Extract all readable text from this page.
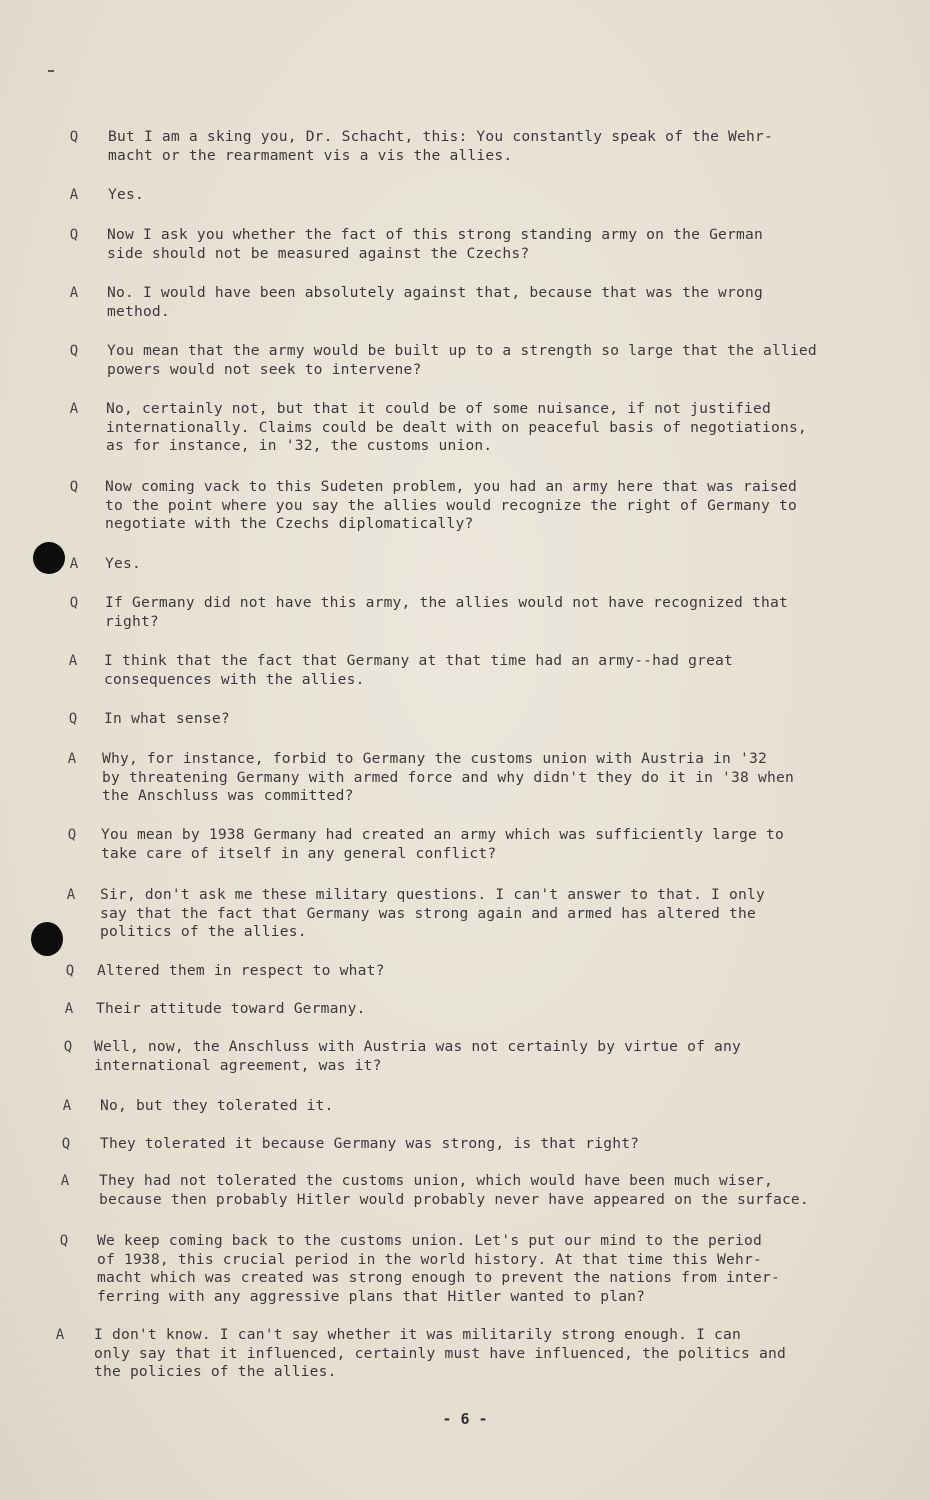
Q	But I am a sking you, Dr. Schacht, this: You constantly speak of the Wehr-
macht or the rearmament vis a vis the allies.
A	Yes.
Q	Now I ask you whether the fact of this strong standing army on the German
side should not be measured against the Czechs?
A	No. I would have been absolutely against that, because that was the wrong
method.
Q	You mean that the army would be built up to a strength so large that the allied
powers would not seek to intervene?
A	No, certainly not, but that it could be of some nuisance, if not justified
internationally. Claims could be dealt with on peaceful basis of negotiations,
as for instance, in '32, the customs union.
Q	Now coming vack to this Sudeten problem, you had an army here that was raised
to the point where you say the allies would recognize the right of Germany to
negotiate with the Czechs diplomatically?
A	Yes.
Q	If Germany did not have this army, the allies would not have recognized that
right?
A	I think that the fact that Germany at that time had an army--had great
consequences with the allies.
Q	In what sense?
A	Why, for instance, forbid to Germany the customs union with Austria in '32
by threatening Germany with armed force and why didn't they do it in '38 when
the Anschluss was committed?
Q	You mean by 1938 Germany had created an army which was sufficiently large to
take care of itself in any general conflict?
A	Sir, don't ask me these military questions. I can't answer to that. I only
say that the fact that Germany was strong again and armed has altered the
politics of the allies.
Q	Altered them in respect to what?
A	Their attitude toward Germany.
Q	Well, now, the Anschluss with Austria was not certainly by virtue of any
international agreement, was it?
A	No, but they tolerated it.
Q	They tolerated it because Germany was strong, is that right?
A	They had not tolerated the customs union, which would have been much wiser,
because then probably Hitler would probably never have appeared on the surface.
Q	We keep coming back to the customs union. Let's put our mind to the period
of 1938, this crucial period in the world history. At that time this Wehr-
macht which was created was strong enough to prevent the nations from inter-
ferring with any aggressive plans that Hitler wanted to plan?
A	I don't know. I can't say whether it was militarily strong enough. I can
only say that it influenced, certainly must have influenced, the politics and
the policies of the allies.
- 6 -
